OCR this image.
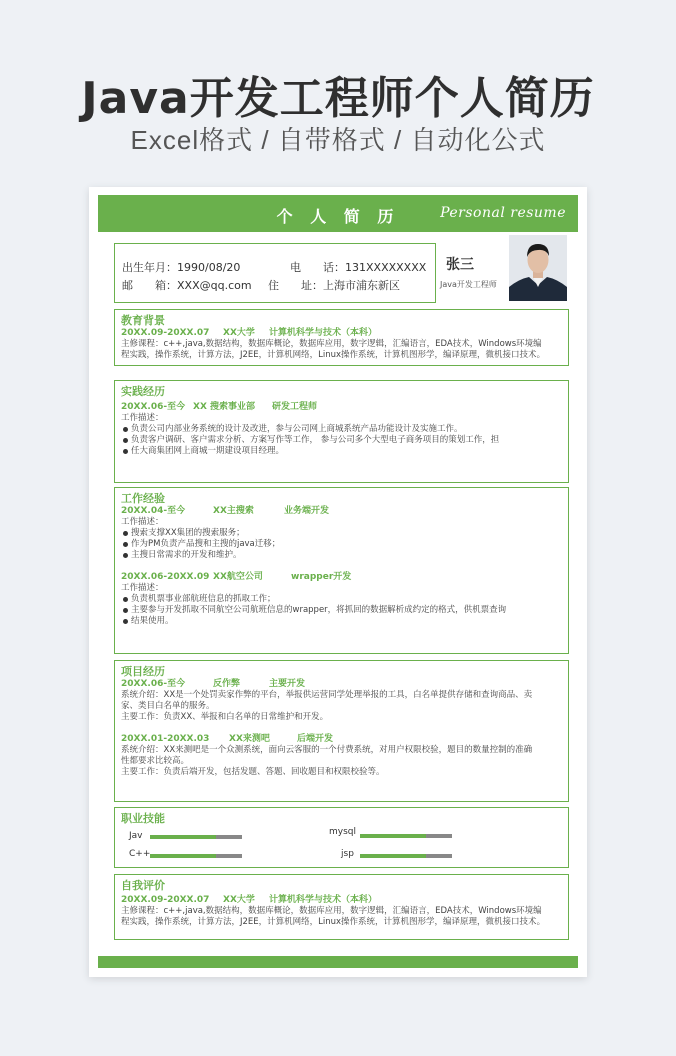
Java开发工程师个人简历
Excel格式 / 自带格式 / 自动化公式
个 人 简 历	Personal resume
出生年月：1990/08/20	电　　话：131XXXXXXXX
邮　　箱：XXX@qq.com 住　　址：上海市浦东新区
张三
Java开发工程师
教育背景
20XX.09-20XX.07 XX大学 计算机科学与技术（本科）
主修课程：c++,java,数据结构，数据库概论，数据库应用，数字逻辑，汇编语言，EDA技术，Windows环境编
程实践，操作系统，计算方法，J2EE，计算机网络，Linux操作系统，计算机图形学，编译原理，微机接口技术。
实践经历
20XX.06-至今 XX 搜索事业部 研发工程师
工作描述：
负责公司内部业务系统的设计及改进，参与公司网上商城系统产品功能设计及实施工作。
负责客户调研、客户需求分析、方案写作等工作， 参与公司多个大型电子商务项目的策划工作，担
任大商集团网上商城一期建设项目经理。
工作经验
20XX.04-至今	XX主搜索	业务端开发
工作描述：
搜索支撑XX集团的搜索服务；
作为PM负责产品搜和主搜的java迁移；
主搜日常需求的开发和维护。
20XX.06-20XX.09 XX航空公司	wrapper开发
工作描述：
负责机票事业部航班信息的抓取工作；
主要参与开发抓取不同航空公司航班信息的wrapper，将抓回的数据解析成约定的格式，供机票查询
结果使用。
项目经历
20XX.06-至今	反作弊	主要开发
系统介绍：XX是一个处罚卖家作弊的平台，举报供运营同学处理举报的工具，白名单提供存储和查询商品、卖
家、类目白名单的服务。
主要工作：负责XX、举报和白名单的日常维护和开发。
20XX.01-20XX.03 XX来测吧	后端开发
系统介绍：XX来测吧是一个众测系统，面向云客服的一个付费系统，对用户权限校验，题目的数量控制的准确
性都要求比较高。
主要工作：负责后端开发，包括发题、答题、回收题目和权限校验等。
职业技能
Jav	mysql
C++	jsp
自我评价
20XX.09-20XX.07 XX大学 计算机科学与技术（本科）
主修课程：c++,java,数据结构，数据库概论，数据库应用，数字逻辑，汇编语言，EDA技术，Windows环境编
程实践，操作系统，计算方法，J2EE，计算机网络，Linux操作系统，计算机图形学，编译原理，微机接口技术。
